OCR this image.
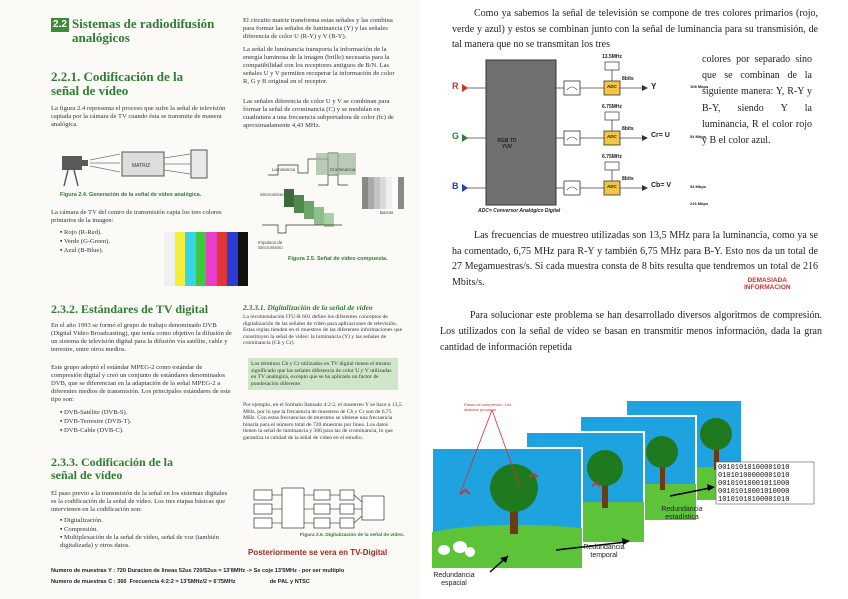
2.2 Sistemas de radiodifusión analógicos
2.2.1. Codificación de la señal de vídeo
La figura 2.4 representa el proceso que sufre la señal de televisión captada por la cámara de TV cuando ésta se transmite de manera analógica.
MATRIZ
Figura 2.4. Generación de la señal de video analógica.
La cámara de TV del centro de transmisión capta los tres colores primarios de la imagen:
▪ Rojo (R-Red).
▪ Verde (G-Green).
▪ Azul (B-Blue).
El circuito matriz transforma estas señales y las combina para formar las señales de luminancia (Y) y las señales diferencia de color U (R-Y) y V (B-Y).
La señal de luminancia transporta la información de la energía luminosa de la imagen (brillo) necesaria para la compatibilidad con los receptores antiguos de B/N. Las señales U y V permiten recuperar la información de color R, G y B original en el receptor.
Las señales diferencia de color U y V se combinan para formar la señal de crominancia (C) y se modulan en cuadratura a una frecuencia subportadora de color (fc) de aproximadamente 4,43 MHz.
Luminancia	Crominancia
Sincronismo
Impulsos de Sincronismo
Barras
Figura 2.5. Señal de vídeo compuesta.
2.3.2. Estándares de TV digital
En el año 1993 se formó el grupo de trabajo denominado DVB (Digital Video Broadcasting), que tenía como objetivo la difusión de un sistema de televisión digital para la difusión vía satélite, cable y terrestre, entre otros medios.
Este grupo adoptó el estándar MPEG-2 como estándar de compresión digital y creó un conjunto de estándares denominados DVB, que se diferencian en la adaptación de la señal MPEG-2 a diferentes medios de transmisión. Los principales estándares de este tipo son:
▪ DVB-Satélite (DVB-S).
▪ DVB-Terrestre (DVB-T).
▪ DVB-Cable (DVB-C).
2.3.3. Codificación de la señal de vídeo
El paso previo a la transmisión de la señal en los sistemas digitales es la codificación de la señal de vídeo. Los tres etapas básicas que intervienen en la codificación son:
▪ Digitalización.
▪ Compresión.
▪ Multiplexación de la señal de vídeo, señal de voz (también digitalizada) y otros datos.
2.3.3.1. Digitalización de la señal de vídeo
La recomendación ITU-R 601 define los diferentes conceptos de digitalización de las señales de vídeo para aplicaciones de televisión. Estas reglas tienden en el muestreo de las diferentes informaciones que constituyen la señal de vídeo: la luminancia (Y) y las señales de crominancia (Cb y Cr).
Los términos Cb y Cr utilizados en TV digital tienen el mismo significado que las señales diferencia de color U y V utilizadas en TV analógica, excepto que se ha aplicado un factor de ponderación diferente.
Por ejemplo, en el formato llamado 4:2:2, el muestreo Y se hace a 13,5 MHz, por lo que la frecuencia de muestreo de Cb y Cr son de 6,75 MHz. Con estas frecuencias de muestreo se obtiene una frecuencia binaria para el número total de 720 muestras por línea. Los datos tienen la señal de luminancia y 360 para las de crominancia, lo que garantiza la calidad de la señal de vídeo en el estudio.
Figura 2.6. Digitalización de la señal de vídeo.
Posteriormente se vera en TV-Digital
Numero de muestras Y : 720 Duracion de lineas 52us 720/52us = 13'8MHz -> Se coje 13'5MHz - por ser multiplo
Numero de muestras C : 360  Frecuencia 4:2:2 = 13'5MHz/2 = 6'75MHz                      de PAL y NTSC
Como ya sabemos la señal de televisión se compone de tres colores primarios (rojo, verde y azul) y estos se combinan junto con la señal de luminancia para su transmisión, de tal manera que no se transmitan los tres
colores por separado sino que se combinan de la siguiente manera: Y, R-Y y B-Y, siendo Y la luminancia, R el color rojo y B el color azul.
R
G
B
RGB TO YUV
13.5MHz
6.75MHz
6.75MHz
ADC
ADC
ADC
8bits
8bits
8bits
Y
Cr= U
Cb= V
108 Mbps
54 Mbps
54 Mbps
216 Mbps
ADC= Conversor Analógico Digital
Las frecuencias de muestreo utilizadas son 13,5 MHz para la luminancia, como ya se ha comentado, 6,75 MHz para R-Y y también 6,75 MHz para B-Y. Esto nos da un total de 27 Megamuestras/s. Si cada muestra consta de 8 bits resulta que tendremos un total de 216 Mbits/s.	DEMASIADA
INFORMACION
Para solucionar este problema se han desarrollado diversos algoritmos de compresión. Los utilizados con la señal de vídeo se basan en transmitir menos información, dada la gran cantidad de información repetida
00101010100001010
01010100000001010
00101010001011000
00101010001010000
10101010100001010
Pasos de compresión. Los distintos procesos.
Redundancia estadística
Redundancia temporal
Redundancia espacial
